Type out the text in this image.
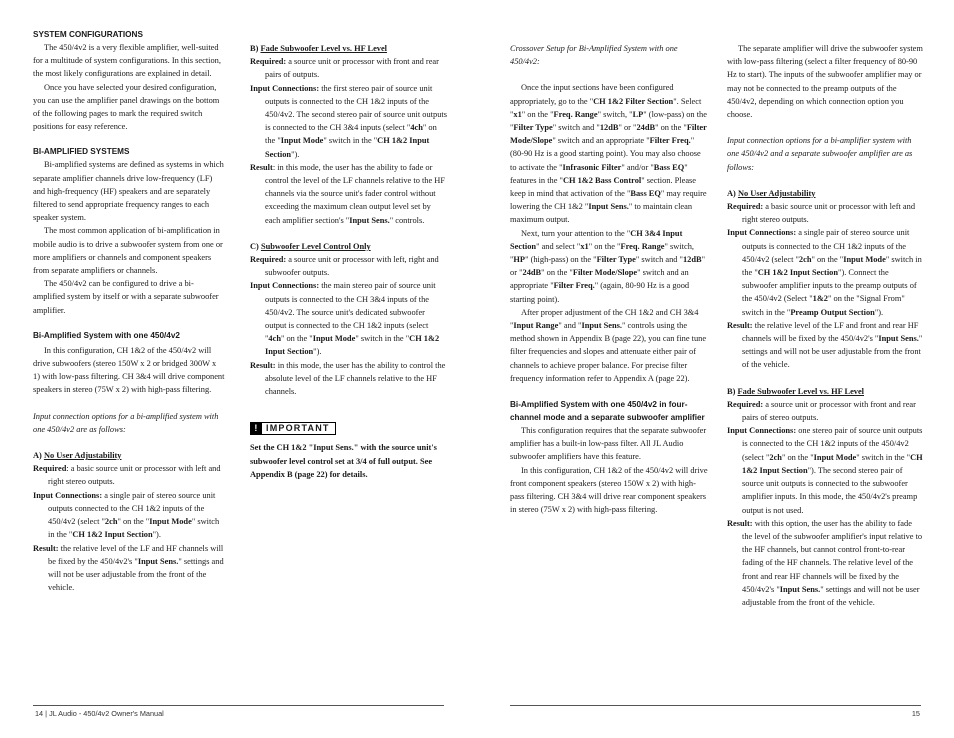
SYSTEM CONFIGURATIONS
The 450/4v2 is a very flexible amplifier, well-suited for a multitude of system configurations. In this section, the most likely configurations are explained in detail.
Once you have selected your desired configuration, you can use the amplifier panel drawings on the bottom of the following pages to mark the required switch positions for easy reference.
BI-AMPLIFIED SYSTEMS
Bi-amplified systems are defined as systems in which separate amplifier channels drive low-frequency (LF) and high-frequency (HF) speakers and are separately filtered to send appropriate frequency ranges to each speaker system.
The most common application of bi-amplification in mobile audio is to drive a subwoofer system from one or more amplifiers or channels and component speakers from separate amplifiers or channels.
The 450/4v2 can be configured to drive a bi-amplified system by itself or with a separate subwoofer amplifier.
Bi-Amplified System with one 450/4v2
In this configuration, CH 1&2 of the 450/4v2 will drive subwoofers (stereo 150W x 2 or bridged 300W x 1) with low-pass filtering. CH 3&4 will drive component speakers in stereo (75W x 2) with high-pass filtering.
Input connection options for a bi-amplified system with one 450/4v2 are as follows:
A) No User Adjustability
Required: a basic source unit or processor with left and right stereo outputs.
Input Connections: a single pair of stereo source unit outputs connected to the CH 1&2 inputs of the 450/4v2 (select "2ch" on the "Input Mode" switch in the "CH 1&2 Input Section").
Result: the relative level of the LF and HF channels will be fixed by the 450/4v2's "Input Sens." settings and will not be user adjustable from the front of the vehicle.
B) Fade Subwoofer Level vs. HF Level
Required: a source unit or processor with front and rear pairs of outputs.
Input Connections: the first stereo pair of source unit outputs is connected to the CH 1&2 inputs of the 450/4v2. The second stereo pair of source unit outputs is connected to the CH 3&4 inputs (select "4ch" on the "Input Mode" switch in the "CH 1&2 Input Section").
Result: in this mode, the user has the ability to fade or control the level of the LF channels relative to the HF channels via the source unit's fader control without exceeding the maximum clean output level set by each amplifier section's "Input Sens." controls.
C) Subwoofer Level Control Only
Required: a source unit or processor with left, right and subwoofer outputs.
Input Connections: the main stereo pair of source unit outputs is connected to the CH 3&4 inputs of the 450/4v2. The source unit's dedicated subwoofer output is connected to the CH 1&2 inputs (select "4ch" on the "Input Mode" switch in the "CH 1&2 Input Section").
Result: in this mode, the user has the ability to control the absolute level of the LF channels relative to the HF channels.
! IMPORTANT
Set the CH 1&2 "Input Sens." with the source unit's subwoofer level control set at 3/4 of full output. See Appendix B (page 22) for details.
Crossover Setup for Bi-Amplified System with one 450/4v2:
Once the input sections have been configured appropriately, go to the "CH 1&2 Filter Section". Select "x1" on the "Freq. Range" switch, "LP" (low-pass) on the "Filter Type" switch and "12dB" or "24dB" on the "Filter Mode/Slope" switch and an appropriate "Filter Freq." (80-90 Hz is a good starting point). You may also choose to activate the "Infrasonic Filter" and/or "Bass EQ" features in the "CH 1&2 Bass Control" section. Please keep in mind that activation of the "Bass EQ" may require lowering the CH 1&2 "Input Sens." to maintain clean maximum output.
Next, turn your attention to the "CH 3&4 Input Section" and select "x1" on the "Freq. Range" switch, "HP" (high-pass) on the "Filter Type" switch and "12dB" or "24dB" on the "Filter Mode/Slope" switch and an appropriate "Filter Freq." (again, 80-90 Hz is a good starting point).
After proper adjustment of the CH 1&2 and CH 3&4 "Input Range" and "Input Sens." controls using the method shown in Appendix B (page 22), you can fine tune filter frequencies and slopes and attenuate either pair of channels to achieve proper balance. For precise filter frequency information refer to Appendix A (page 22).
Bi-Amplified System with one 450/4v2 in four-channel mode and a separate subwoofer amplifier
This configuration requires that the separate subwoofer amplifier has a built-in low-pass filter. All JL Audio subwoofer amplifiers have this feature.
In this configuration, CH 1&2 of the 450/4v2 will drive front component speakers (stereo 150W x 2) with high-pass filtering. CH 3&4 will drive rear component speakers in stereo (75W x 2) with high-pass filtering.
The separate amplifier will drive the subwoofer system with low-pass filtering (select a filter frequency of 80-90 Hz to start). The inputs of the subwoofer amplifier may or may not be connected to the preamp outputs of the 450/4v2, depending on which connection option you choose.
Input connection options for a bi-amplifier system with one 450/4v2 and a separate subwoofer amplifier are as follows:
A) No User Adjustability
Required: a basic source unit or processor with left and right stereo outputs.
Input Connections: a single pair of stereo source unit outputs is connected to the CH 1&2 inputs of the 450/4v2 (select "2ch" on the "Input Mode" switch in the "CH 1&2 Input Section"). Connect the subwoofer amplifier inputs to the preamp outputs of the 450/4v2 (Select "1&2" on the "Signal From" switch in the "Preamp Output Section").
Result: the relative level of the LF and front and rear HF channels will be fixed by the 450/4v2's "Input Sens." settings and will not be user adjustable from the front of the vehicle.
B) Fade Subwoofer Level vs. HF Level
Required: a source unit or processor with front and rear pairs of stereo outputs.
Input Connections: one stereo pair of source unit outputs is connected to the CH 1&2 inputs of the 450/4v2 (select "2ch" on the "Input Mode" switch in the "CH 1&2 Input Section"). The second stereo pair of source unit outputs is connected to the subwoofer amplifier inputs. In this mode, the 450/4v2's preamp output is not used.
Result: with this option, the user has the ability to fade the level of the subwoofer amplifier's input relative to the HF channels, but cannot control front-to-rear fading of the HF channels. The relative level of the front and rear HF channels will be fixed by the 450/4v2's "Input Sens." settings and will not be user adjustable from the front of the vehicle.
14 | JL Audio - 450/4v2 Owner's Manual	15
